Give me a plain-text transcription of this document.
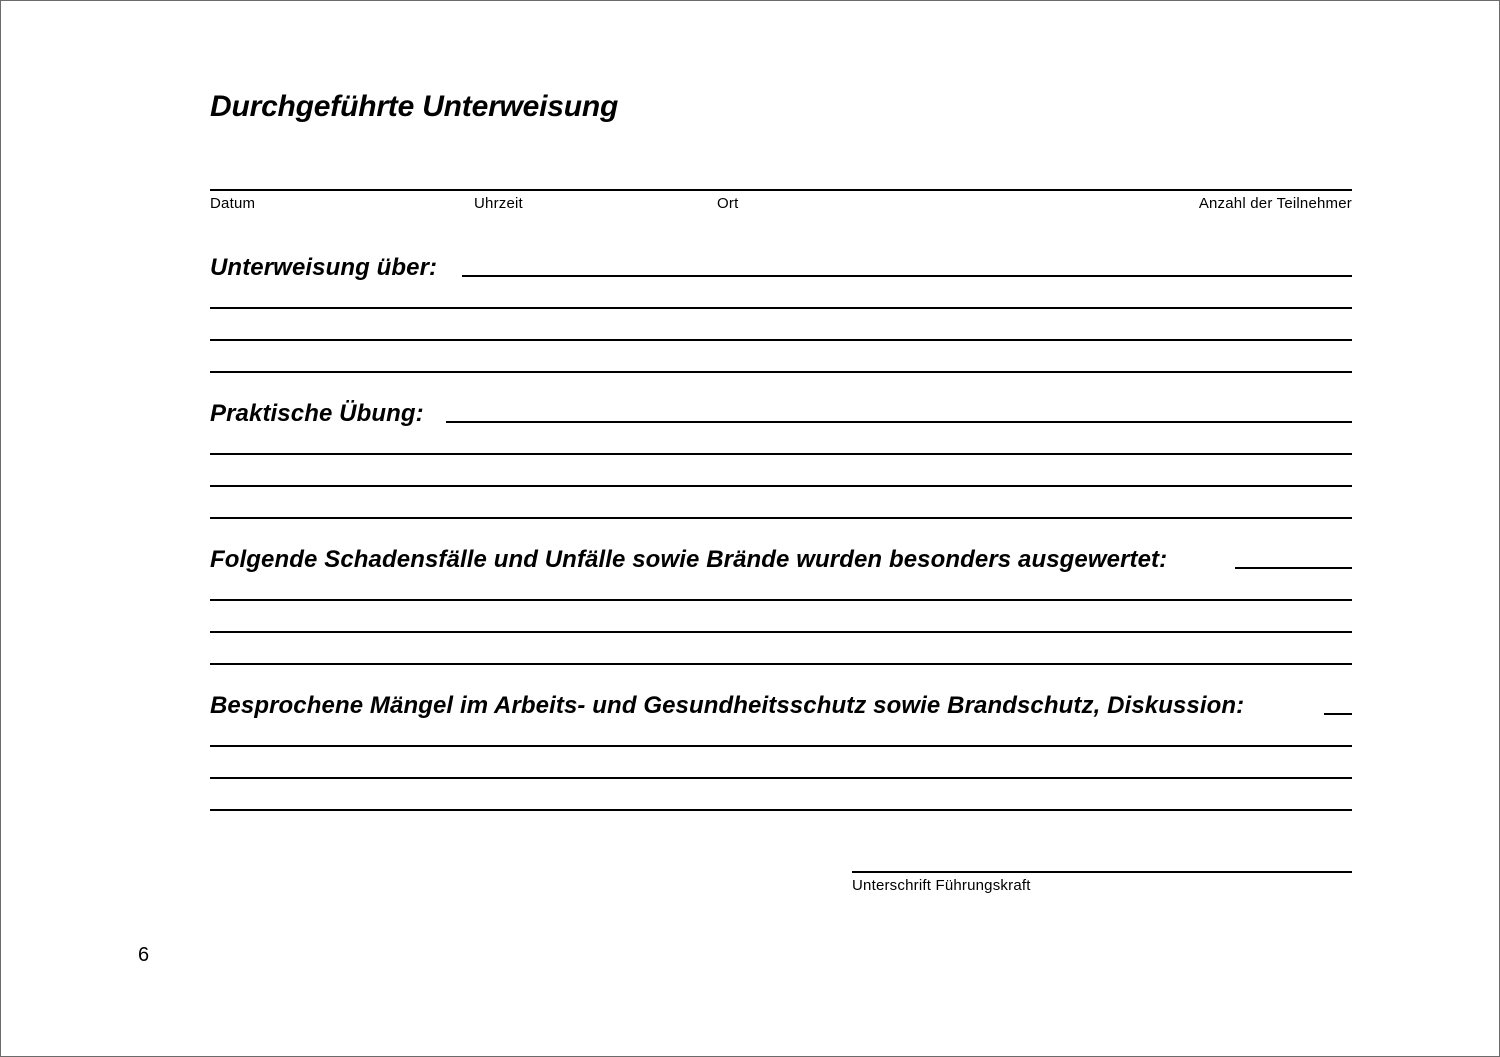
Durchgeführte Unterweisung
Datum	Uhrzeit	Ort	Anzahl der Teilnehmer
Unterweisung über:
Praktische Übung:
Folgende Schadensfälle und Unfälle sowie Brände wurden besonders ausgewertet:
Besprochene Mängel im Arbeits- und Gesundheitsschutz sowie Brandschutz, Diskussion:
Unterschrift Führungskraft
6
